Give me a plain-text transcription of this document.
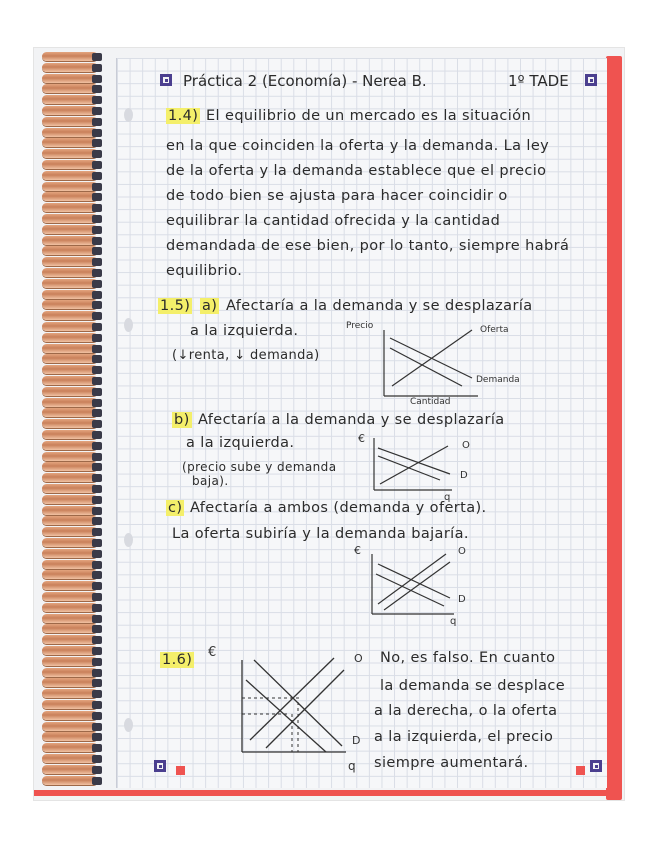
Práctica 2 (Economía) - Nerea B.	1º TADE
1.4) El equilibrio de un mercado es la situación
en la que coinciden la oferta y la demanda. La ley
de la oferta y la demanda establece que el precio
de todo bien se ajusta para hacer coincidir o
equilibrar la cantidad ofrecida y la cantidad
demandada de ese bien, por lo tanto, siempre habrá
equilibrio.
1.5) a) Afectaría a la demanda y se desplazaría
a la izquierda.
(↓renta, ↓ demanda)
Precio	Oferta
Demanda
Cantidad
b) Afectaría a la demanda y se desplazaría
a la izquierda.
(precio sube y demanda
baja).
€
O
D
q
c) Afectaría a ambos (demanda y oferta).
La oferta subiría y la demanda bajaría.
€	O
D
q
1.6)	No, es falso. En cuanto
la demanda se desplace
a la derecha, o la oferta
a la izquierda, el precio
siempre aumentará.
€	O
D
q
